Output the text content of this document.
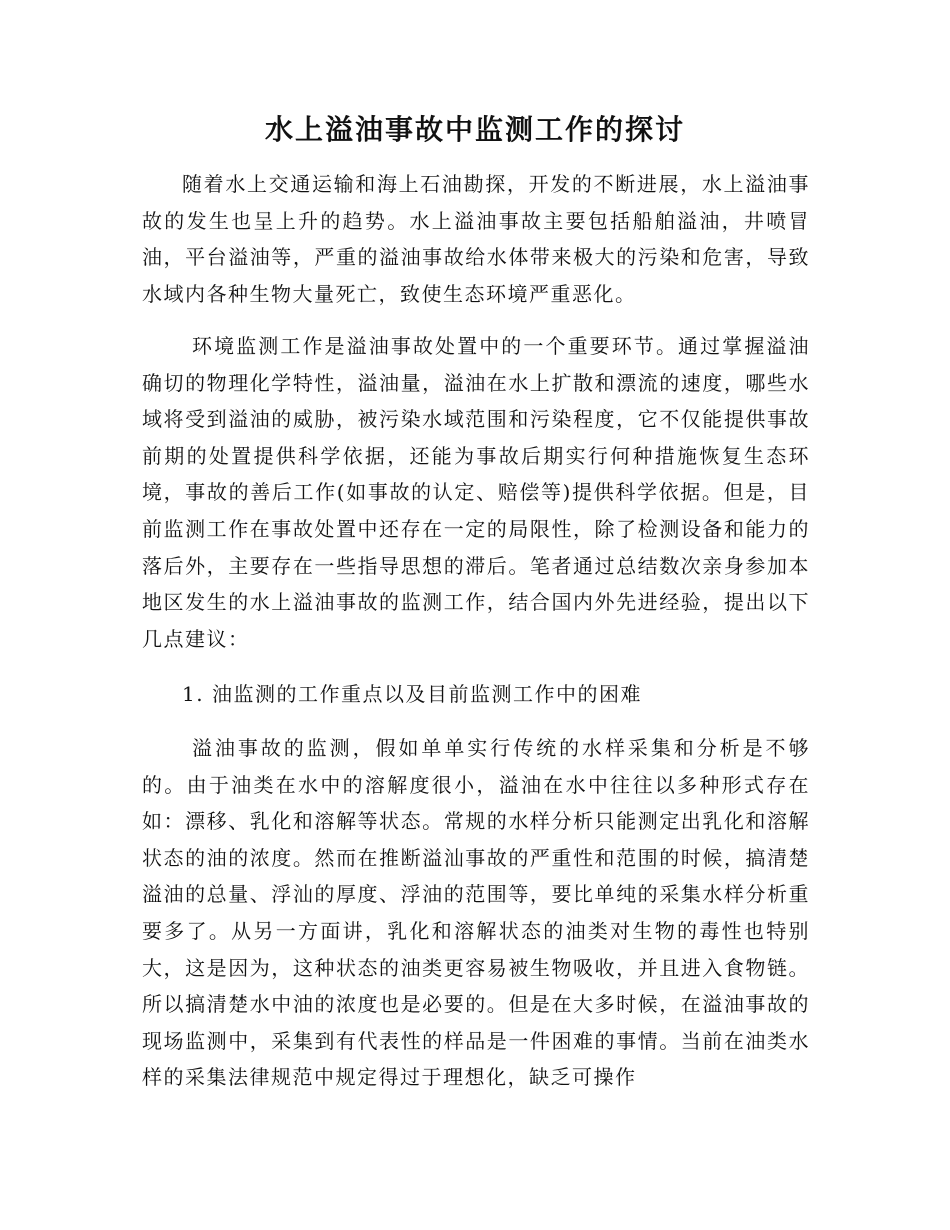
水上溢油事故中监测工作的探讨

随着水上交通运输和海上石油勘探，开发的不断进展，水上溢油事故的发生也呈上升的趋势。水上溢油事故主要包括船舶溢油，井喷冒油，平台溢油等，严重的溢油事故给水体带来极大的污染和危害，导致水域内各种生物大量死亡，致使生态环境严重恶化。

环境监测工作是溢油事故处置中的一个重要环节。通过掌握溢油确切的物理化学特性，溢油量，溢油在水上扩散和漂流的速度，哪些水域将受到溢油的威胁，被污染水域范围和污染程度，它不仅能提供事故前期的处置提供科学依据，还能为事故后期实行何种措施恢复生态环境，事故的善后工作(如事故的认定、赔偿等)提供科学依据。但是，目前监测工作在事故处置中还存在一定的局限性，除了检测设备和能力的落后外，主要存在一些指导思想的滞后。笔者通过总结数次亲身参加本地区发生的水上溢油事故的监测工作，结合国内外先进经验，提出以下几点建议：

1. 油监测的工作重点以及目前监测工作中的困难

溢油事故的监测，假如单单实行传统的水样采集和分析是不够的。由于油类在水中的溶解度很小，溢油在水中往往以多种形式存在如：漂移、乳化和溶解等状态。常规的水样分析只能测定出乳化和溶解状态的油的浓度。然而在推断溢汕事故的严重性和范围的时候，搞清楚溢油的总量、浮汕的厚度、浮油的范围等，要比单纯的采集水样分析重要多了。从另一方面讲，乳化和溶解状态的油类对生物的毒性也特别大，这是因为，这种状态的油类更容易被生物吸收，并且进入食物链。所以搞清楚水中油的浓度也是必要的。但是在大多时候，在溢油事故的现场监测中，采集到有代表性的样品是一件困难的事情。当前在油类水样的采集法律规范中规定得过于理想化，缺乏可操作
